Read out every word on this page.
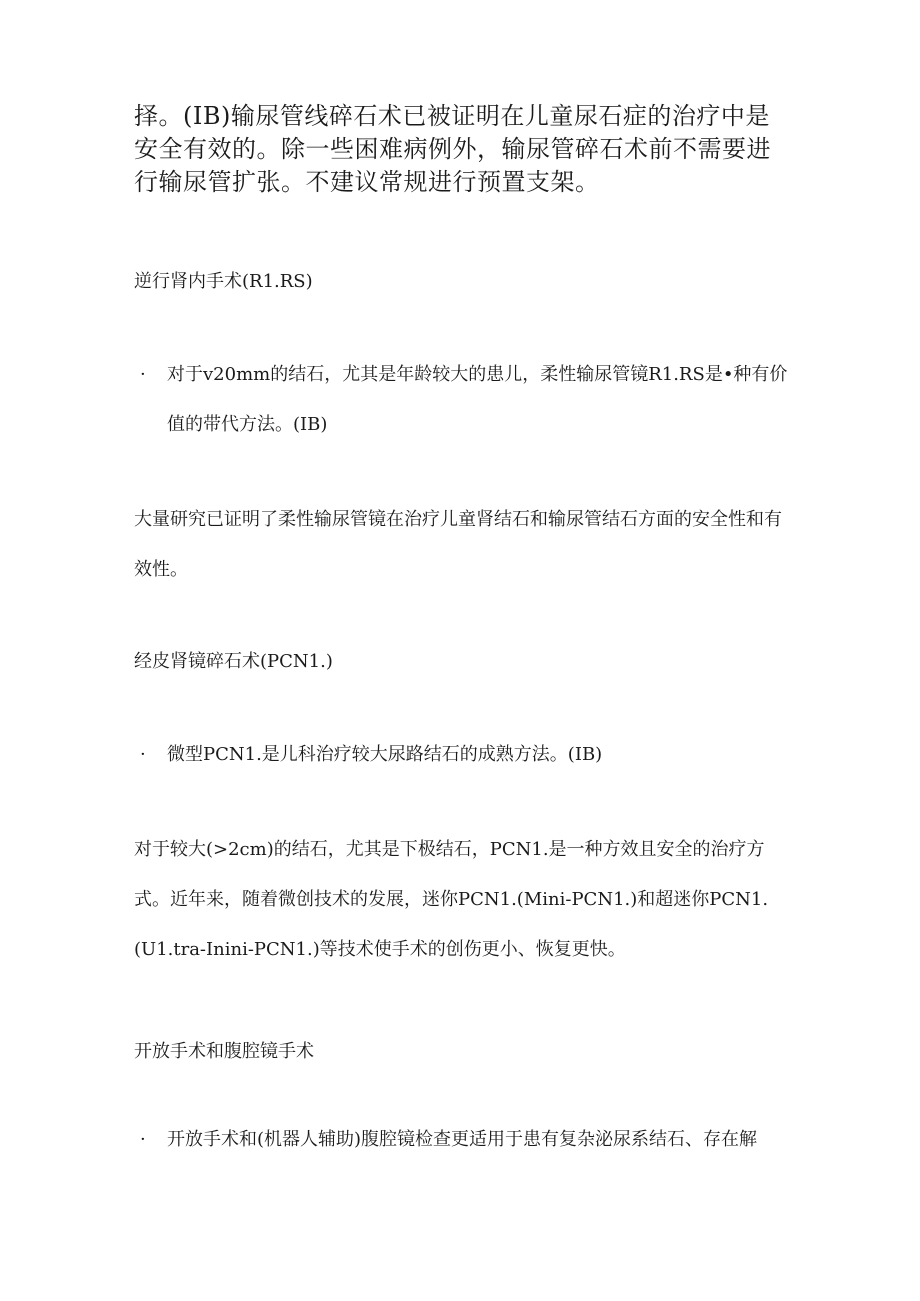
择。(IB)输尿管线碎石术已被证明在儿童尿石症的治疗中是安全有效的。除一些困难病例外，输尿管碎石术前不需要进行输尿管扩张。不建议常规进行预置支架。

逆行肾内手术(R1.RS)
· 对于v20mm的结石，尤其是年龄较大的患儿，柔性输尿管镜R1.RS是•种有价值的带代方法。(IB)

大量研究已证明了柔性输尿管镜在治疗儿童肾结石和输尿管结石方面的安全性和有效性。

经皮肾镜碎石术(PCN1.)
· 微型PCN1.是儿科治疗较大尿路结石的成熟方法。(IB)

对于较大(>2cm)的结石，尤其是下极结石，PCN1.是一种方效且安全的治疗方式。近年来，随着微创技术的发展，迷你PCN1.(Mini-PCN1.)和超迷你PCN1.(U1.tra-Inini-PCN1.)等技术使手术的创伤更小、恢复更快。

开放手术和腹腔镜手术
· 开放手术和(机器人辅助)腹腔镜检查更适用于患有复杂泌尿系结石、存在解
